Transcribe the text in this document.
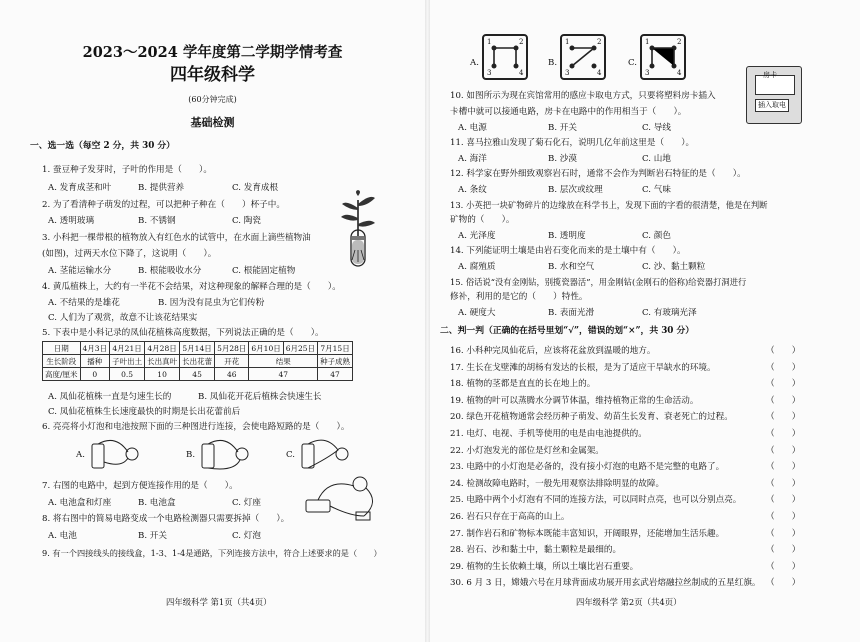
2023～2024 学年度第二学期学情考查
四年级科学
(60分钟完成)
基础检测
一、选一选（每空 2 分，共 30 分）
1. 蚕豆种子发芽时，子叶的作用是（　　）。
A. 发育成茎和叶	B. 提供营养	C. 发育成根
2. 为了看清种子萌发的过程，可以把种子种在（　　）杯子中。
A. 透明玻璃	B. 不锈钢	C. 陶瓷
3. 小科把一棵带根的植物放入有红色水的试管中，在水面上滴些植物油
(如图)，过两天水位下降了，这说明（　　）。
A. 茎能运输水分	B. 根能吸收水分	C. 根能固定植物
4. 黄瓜植株上，大约有一半花不会结果，对这种现象的解释合理的是（　　）。
A. 不结果的是雄花	B. 因为没有昆虫为它们传粉
C. 人们为了观赏，故意不让该花结果实
5. 下表中是小科记录的凤仙花植株高度数据，下列说法正确的是（　　）。
日期	4月3日	4月21日	4月28日	5月14日	5月28日	6月10日	6月25日	7月15日
生长阶段	播种	子叶出土	长出真叶	长出花蕾	开花	结果		种子成熟
高度/厘米	0	0.5	10	45	46	47		47
A. 凤仙花植株一直是匀速生长的	B. 凤仙花开花后植株会快速生长
C. 凤仙花植株生长速度最快的时期是长出花蕾前后
6. 亮亮将小灯泡和电池按照下面的三种图进行连接，会使电路短路的是（　　）。
A.	B.	C.
7. 右图的电路中，起到方便连接作用的是（　　）。
A. 电池盒和灯座	B. 电池盒	C. 灯座
8. 将右图中的简易电路变成一个电路检测器只需要拆掉（　　）。
A. 电池	B. 开关	C. 灯泡
9. 有一个四接线头的接线盒，1-3、1-4是通路，下列连接方法中，符合上述要求的是（　　）
四年级科学 第1页（共4页）
A.	B.	C.
1	2
3	4
1	2
3	4
1	2
3	4	房卡
插入取电
10. 如图所示为现在宾馆常用的感应卡取电方式，只要将塑料房卡插入
卡槽中就可以接通电路，房卡在电路中的作用相当于（　　）。
A. 电源	B. 开关	C. 导线
11. 喜马拉雅山发现了菊石化石，说明几亿年前这里是（　　）。
A. 海洋	B. 沙漠	C. 山地
12. 科学家在野外细致观察岩石时，通常不会作为判断岩石特征的是（　　）。
A. 条纹	B. 层次或纹理	C. 气味
13. 小英把一块矿物碎片的边缘放在科学书上，发现下面的字看的很清楚，他是在判断
矿物的（　　）。
A. 光泽度	B. 透明度	C. 颜色
14. 下列能证明土壤是由岩石变化而来的是土壤中有（　　）。
A. 腐殖质	B. 水和空气	C. 沙、黏土颗粒
15. 俗话说“没有金刚钻，别揽瓷器活”，用金刚钻(金刚石的俗称)给瓷器打洞进行
修补，利用的是它的（　　）特性。
A. 硬度大	B. 表面光滑	C. 有玻璃光泽
二、判一判（正确的在括号里划“√”，错误的划“×”，共 30 分）
16. 小科种完凤仙花后，应该将花盆放到温暖的地方。	（　　）
17. 生长在戈壁滩的胡杨有发达的长根，是为了适应干旱缺水的环境。	（　　）
18. 植物的茎都是直直的长在地上的。	（　　）
19. 植物的叶可以蒸腾水分调节体温，维持植物正常的生命活动。	（　　）
20. 绿色开花植物通常会经历种子萌发、幼苗生长发育、衰老死亡的过程。	（　　）
21. 电灯、电视、手机等使用的电是由电池提供的。	（　　）
22. 小灯泡发光的部位是灯丝和金属架。	（　　）
23. 电路中的小灯泡是必备的，没有接小灯泡的电路不是完整的电路了。	（　　）
24. 检测故障电路时，一般先用观察法排除明显的故障。	（　　）
25. 电路中两个小灯泡有不同的连接方法，可以同时点亮，也可以分别点亮。	（　　）
26. 岩石只存在于高高的山上。	（　　）
27. 制作岩石和矿物标本既能丰富知识，开阔眼界，还能增加生活乐趣。	（　　）
28. 岩石、沙和黏土中，黏土颗粒是最细的。	（　　）
29. 植物的生长依赖土壤，所以土壤比岩石重要。	（　　）
30. 6 月 3 日，嫦娥六号在月球背面成功展开用玄武岩熔融拉丝制成的五星红旗。 （　　）
四年级科学 第2页（共4页）
